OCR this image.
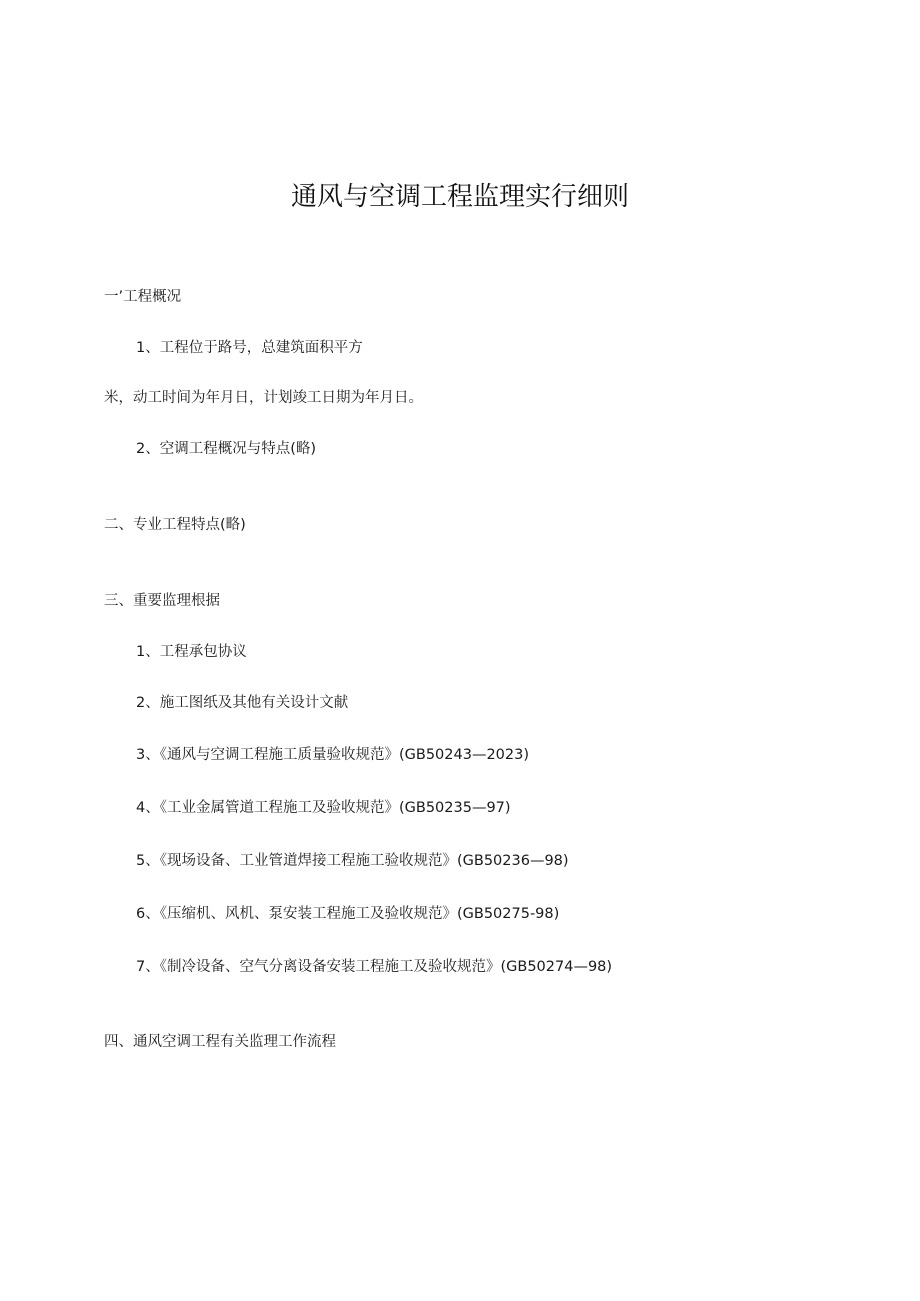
通风与空调工程监理实行细则
一’工程概况
1、工程位于路号，总建筑面积平方
米，动工时间为年月日，计划竣工日期为年月日。
2、空调工程概况与特点(略)
二、专业工程特点(略)
三、重要监理根据
1、工程承包协议
2、施工图纸及其他有关设计文献
3、《通风与空调工程施工质量验收规范》(GB50243—2023)
4、《工业金属管道工程施工及验收规范》(GB50235—97)
5、《现场设备、工业管道焊接工程施工验收规范》(GB50236—98)
6、《压缩机、风机、泵安装工程施工及验收规范》(GB50275-98)
7、《制冷设备、空气分离设备安装工程施工及验收规范》(GB50274—98)
四、通风空调工程有关监理工作流程
